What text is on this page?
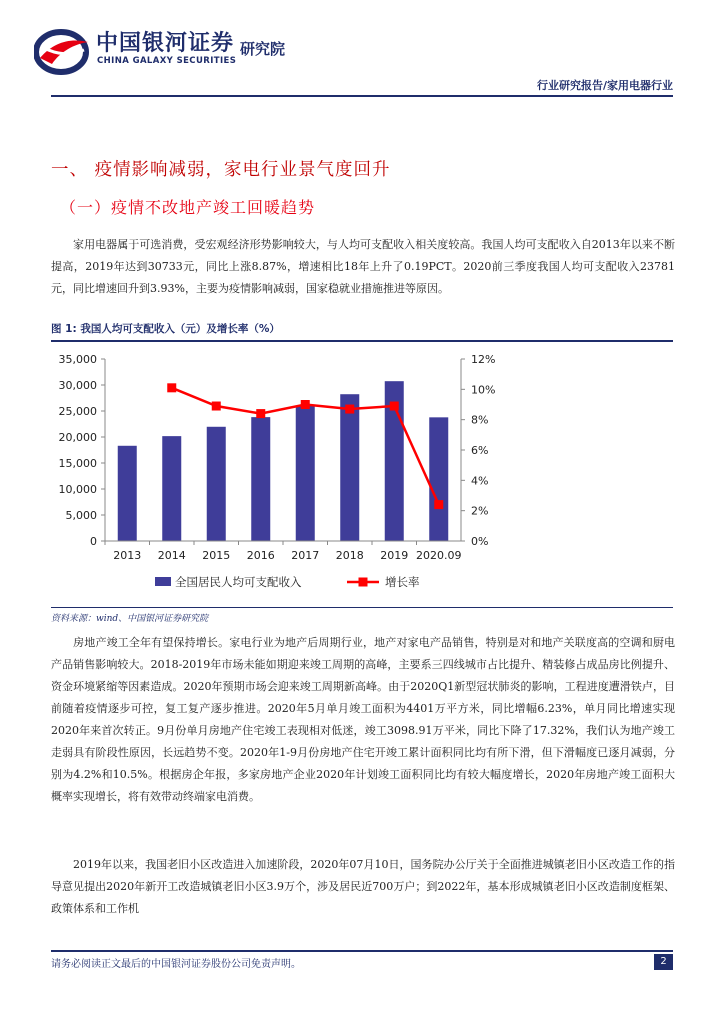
中国银河证券 研究院
CHINA GALAXY SECURITIES
行业研究报告/家用电器行业
一、 疫情影响减弱，家电行业景气度回升
（一）疫情不改地产竣工回暖趋势
家用电器属于可选消费，受宏观经济形势影响较大，与人均可支配收入相关度较高。我国人均可支配收入自2013年以来不断提高，2019年达到30733元，同比上涨8.87%，增速相比18年上升了0.19PCT。2020前三季度我国人均可支配收入23781元，同比增速回升到3.93%，主要为疫情影响减弱，国家稳就业措施推进等原因。
图 1: 我国人均可支配收入（元）及增长率（%）
0
5,000
10,000
15,000
20,000
25,000
30,000
35,000
0%
2%
4%
6%
8%
10%
12%
2013 2014 2015 2016 2017 2018 2019 2020.09
全国居民人均可支配收入	增长率
资料来源：wind、中国银河证券研究院
房地产竣工全年有望保持增长。家电行业为地产后周期行业，地产对家电产品销售，特别是对和地产关联度高的空调和厨电产品销售影响较大。2018-2019年市场未能如期迎来竣工周期的高峰，主要系三四线城市占比提升、精装修占成品房比例提升、资金环境紧缩等因素造成。2020年预期市场会迎来竣工周期新高峰。由于2020Q1新型冠状肺炎的影响，工程进度遭滑铁卢，目前随着疫情逐步可控，复工复产逐步推进。2020年5月单月竣工面积为4401万平方米，同比增幅6.23%，单月同比增速实现2020年来首次转正。9月份单月房地产住宅竣工表现相对低迷，竣工3098.91万平米，同比下降了17.32%，我们认为地产竣工走弱具有阶段性原因，长远趋势不变。2020年1-9月份房地产住宅开竣工累计面积同比均有所下滑，但下滑幅度已逐月减弱，分别为4.2%和10.5%。根据房企年报，多家房地产企业2020年计划竣工面积同比均有较大幅度增长，2020年房地产竣工面积大概率实现增长，将有效带动终端家电消费。
2019年以来，我国老旧小区改造进入加速阶段，2020年07月10日，国务院办公厅关于全面推进城镇老旧小区改造工作的指导意见提出2020年新开工改造城镇老旧小区3.9万个，涉及居民近700万户；到2022年，基本形成城镇老旧小区改造制度框架、政策体系和工作机
请务必阅读正文最后的中国银河证券股份公司免责声明。	2
